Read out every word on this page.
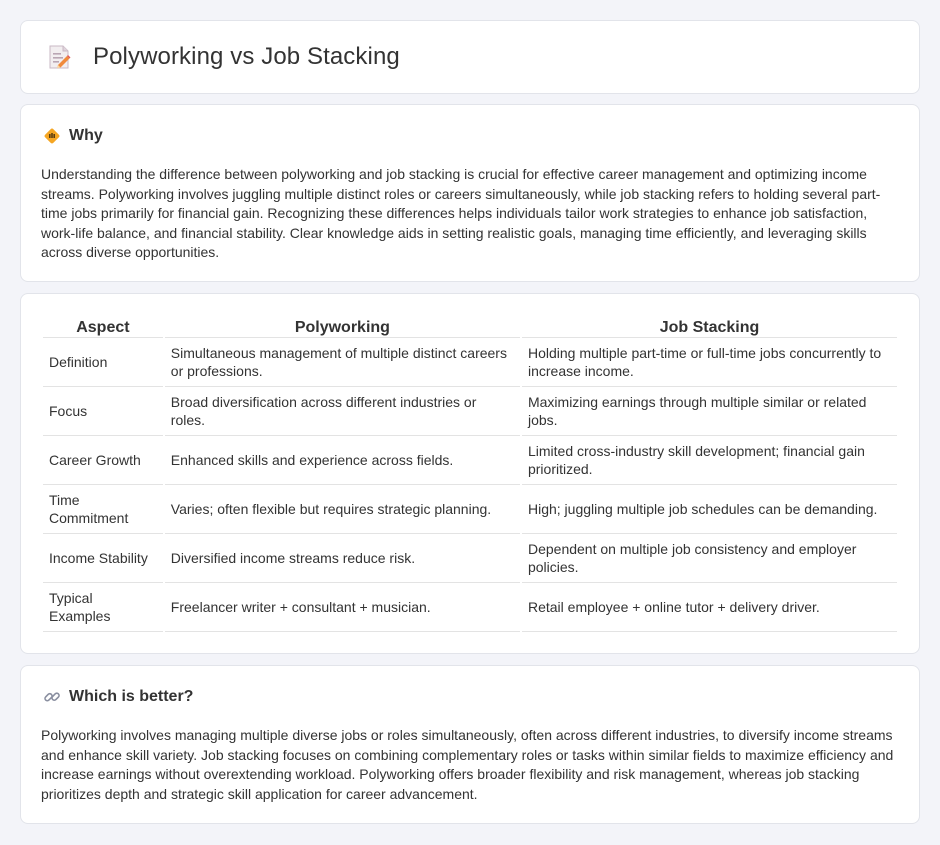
Polyworking vs Job Stacking
Why

Understanding the difference between polyworking and job stacking is crucial for effective career management and optimizing income streams. Polyworking involves juggling multiple distinct roles or careers simultaneously, while job stacking refers to holding several part-time jobs primarily for financial gain. Recognizing these differences helps individuals tailor work strategies to enhance job satisfaction, work-life balance, and financial stability. Clear knowledge aids in setting realistic goals, managing time efficiently, and leveraging skills across diverse opportunities.

Aspect	Polyworking	Job Stacking
Definition	Simultaneous management of multiple distinct careers or professions.	Holding multiple part-time or full-time jobs concurrently to increase income.
Focus	Broad diversification across different industries or roles.	Maximizing earnings through multiple similar or related jobs.
Career Growth	Enhanced skills and experience across fields.	Limited cross-industry skill development; financial gain prioritized.
Time Commitment	Varies; often flexible but requires strategic planning.	High; juggling multiple job schedules can be demanding.
Income Stability	Diversified income streams reduce risk.	Dependent on multiple job consistency and employer policies.
Typical Examples	Freelancer writer + consultant + musician.	Retail employee + online tutor + delivery driver.
Which is better?

Polyworking involves managing multiple diverse jobs or roles simultaneously, often across different industries, to diversify income streams and enhance skill variety. Job stacking focuses on combining complementary roles or tasks within similar fields to maximize efficiency and increase earnings without overextending workload. Polyworking offers broader flexibility and risk management, whereas job stacking prioritizes depth and strategic skill application for career advancement.
